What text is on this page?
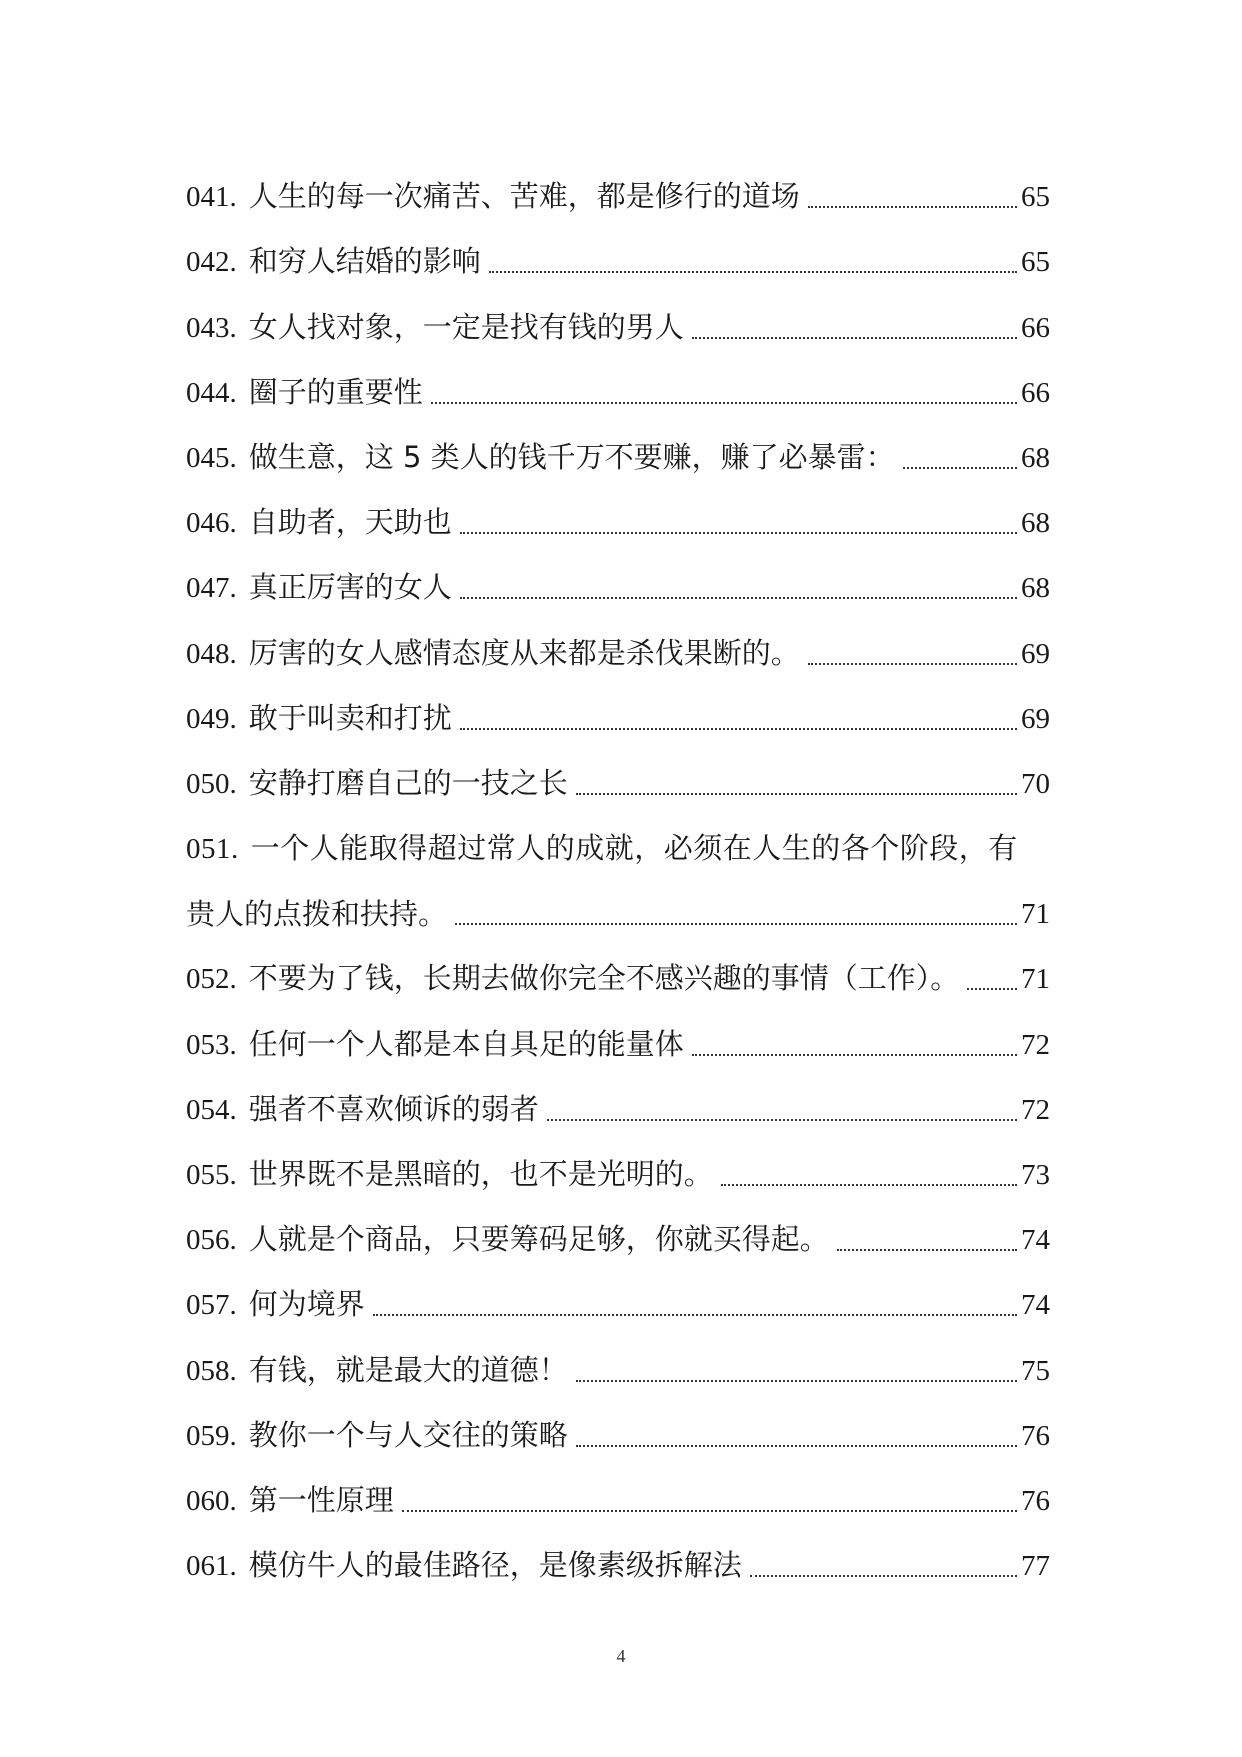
041. 人生的每一次痛苦、苦难，都是修行的道场	65
042. 和穷人结婚的影响	65
043. 女人找对象，一定是找有钱的男人	66
044. 圈子的重要性	66
045. 做生意，这 5 类人的钱千万不要赚，赚了必暴雷：	68
046. 自助者，天助也	68
047. 真正厉害的女人	68
048. 厉害的女人感情态度从来都是杀伐果断的。	69
049. 敢于叫卖和打扰	69
050. 安静打磨自己的一技之长	70
051. 一个人能取得超过常人的成就，必须在人生的各个阶段，有
贵人的点拨和扶持。	71
052. 不要为了钱，长期去做你完全不感兴趣的事情（工作）。 71
053. 任何一个人都是本自具足的能量体	72
054. 强者不喜欢倾诉的弱者	72
055. 世界既不是黑暗的，也不是光明的。	73
056. 人就是个商品，只要筹码足够，你就买得起。	74
057. 何为境界	74
058. 有钱，就是最大的道德！	75
059. 教你一个与人交往的策略	76
060. 第一性原理	76
061. 模仿牛人的最佳路径，是像素级拆解法	77
4
